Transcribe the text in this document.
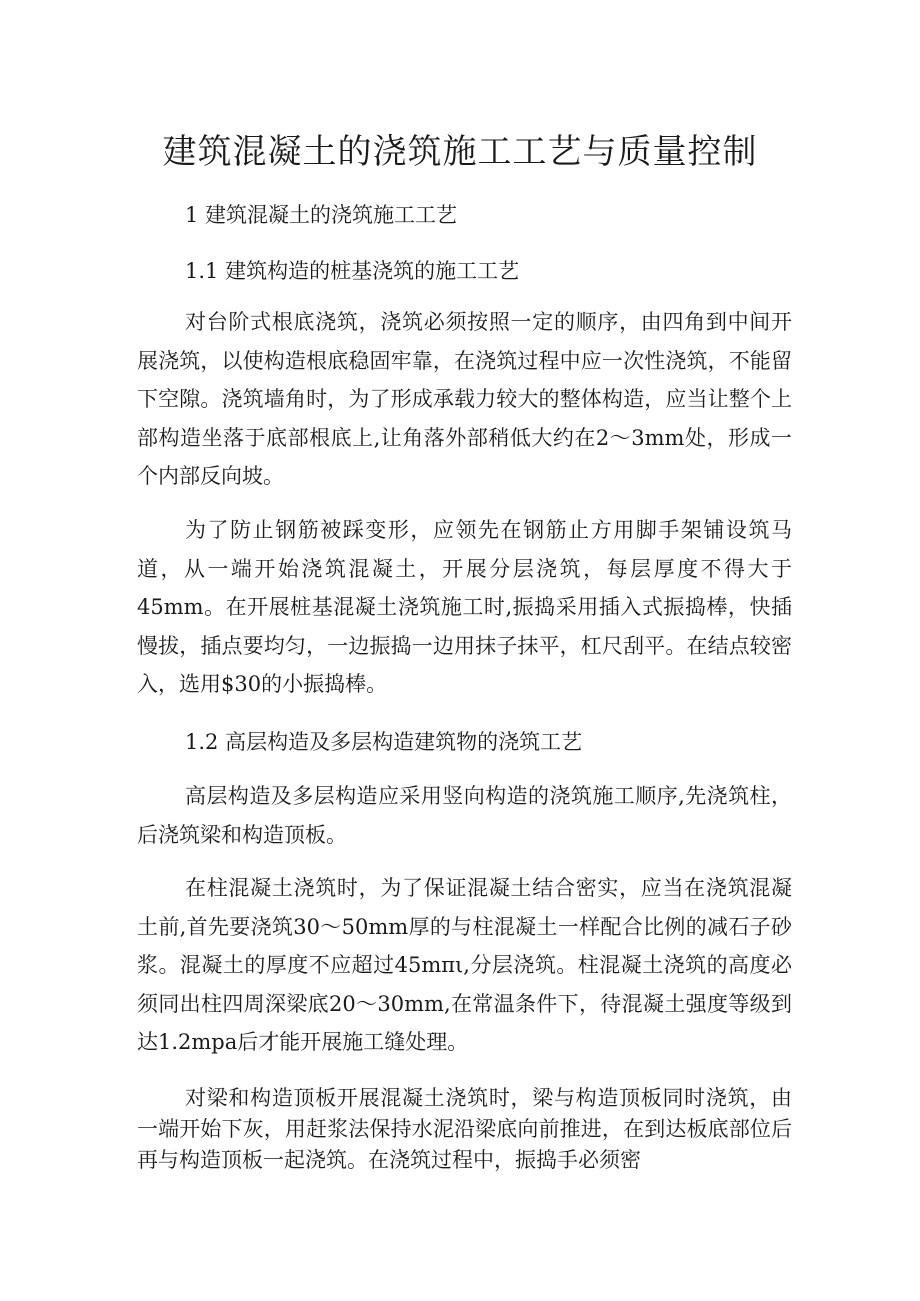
建筑混凝土的浇筑施工工艺与质量控制

1 建筑混凝土的浇筑施工工艺

1.1 建筑构造的桩基浇筑的施工工艺

对台阶式根底浇筑，浇筑必须按照一定的顺序，由四角到中间开展浇筑，以使构造根底稳固牢靠，在浇筑过程中应一次性浇筑，不能留下空隙。浇筑墙角时，为了形成承载力较大的整体构造，应当让整个上部构造坐落于底部根底上,让角落外部稍低大约在2～3mm处，形成一个内部反向坡。

为了防止钢筋被踩变形，应领先在钢筋止方用脚手架铺设筑马道，从一端开始浇筑混凝土，开展分层浇筑，每层厚度不得大于45mm。在开展桩基混凝土浇筑施工时,振捣采用插入式振捣棒，快插慢拔，插点要均匀，一边振捣一边用抹子抹平，杠尺刮平。在结点较密入，选用$30的小振捣棒。

1.2 高层构造及多层构造建筑物的浇筑工艺

高层构造及多层构造应采用竖向构造的浇筑施工顺序,先浇筑柱，后浇筑梁和构造顶板。

在柱混凝土浇筑时，为了保证混凝土结合密实，应当在浇筑混凝土前,首先要浇筑30～50mm厚的与柱混凝土一样配合比例的减石子砂浆。混凝土的厚度不应超过45mπι,分层浇筑。柱混凝土浇筑的高度必须同出柱四周深梁底20～30mm,在常温条件下，待混凝土强度等级到达1.2mpa后才能开展施工缝处理。

对梁和构造顶板开展混凝土浇筑时，梁与构造顶板同时浇筑，由一端开始下灰，用赶浆法保持水泥沿梁底向前推进，在到达板底部位后再与构造顶板一起浇筑。在浇筑过程中，振捣手必须密
